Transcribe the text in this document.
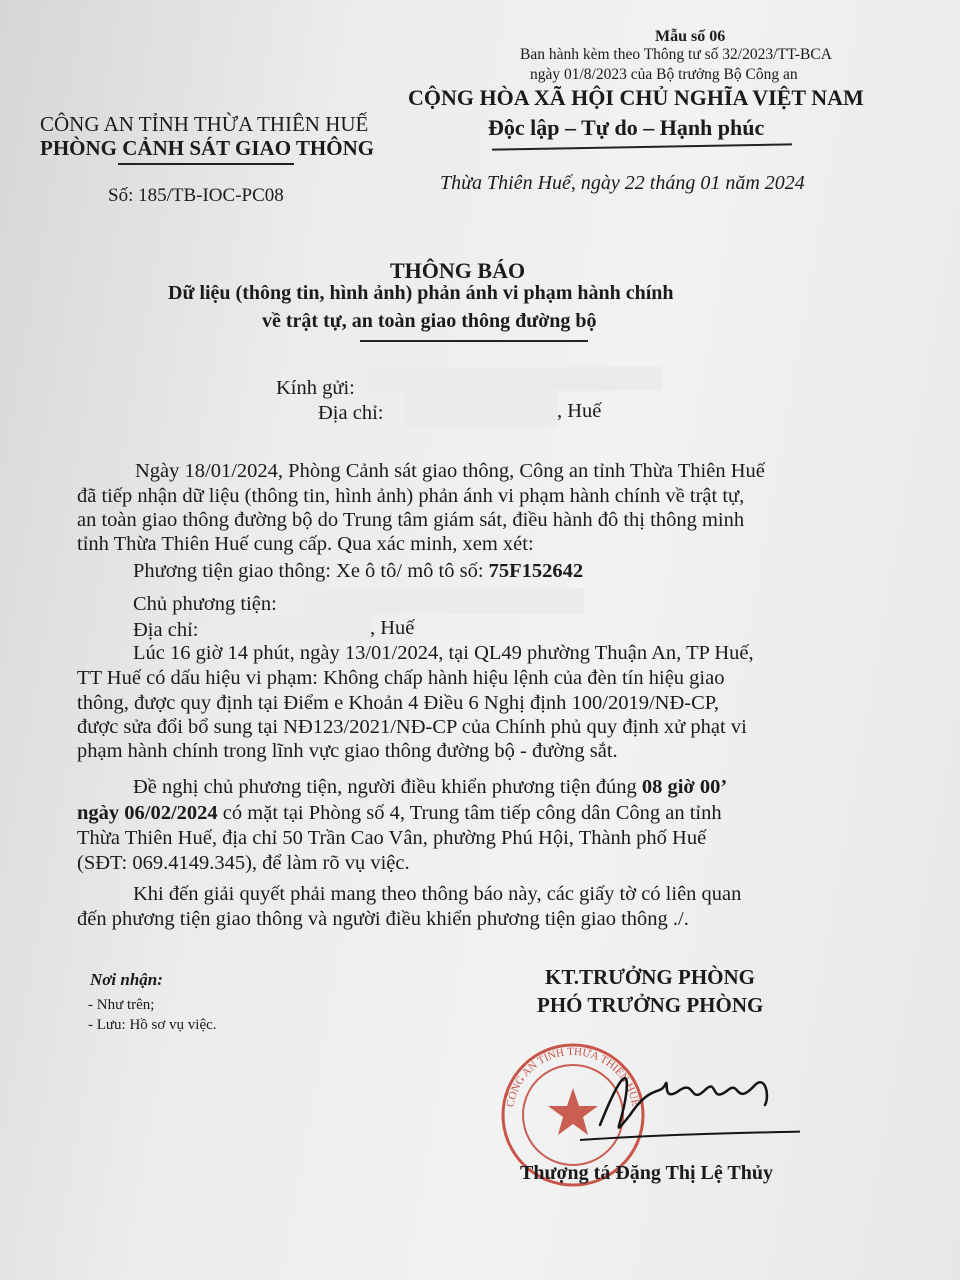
Mẫu số 06
Ban hành kèm theo Thông tư số 32/2023/TT-BCA
ngày 01/8/2023 của Bộ trưởng Bộ Công an
CÔNG AN TỈNH THỪA THIÊN HUẾ
PHÒNG CẢNH SÁT GIAO THÔNG
Số: 185/TB-IOC-PC08
CỘNG HÒA XÃ HỘI CHỦ NGHĨA VIỆT NAM
Độc lập – Tự do – Hạnh phúc
Thừa Thiên Huế, ngày 22 tháng 01 năm 2024
THÔNG BÁO
Dữ liệu (thông tin, hình ảnh) phản ánh vi phạm hành chính
về trật tự, an toàn giao thông đường bộ
Kính gửi:
Địa chỉ:	, Huế
Ngày 18/01/2024, Phòng Cảnh sát giao thông, Công an tỉnh Thừa Thiên Huế
đã tiếp nhận dữ liệu (thông tin, hình ảnh) phản ánh vi phạm hành chính về trật tự,
an toàn giao thông đường bộ do Trung tâm giám sát, điều hành đô thị thông minh
tỉnh Thừa Thiên Huế cung cấp. Qua xác minh, xem xét:
Phương tiện giao thông: Xe ô tô/ mô tô số: 75F152642
Chủ phương tiện:
Địa chỉ:	, Huế
Lúc 16 giờ 14 phút, ngày 13/01/2024, tại QL49 phường Thuận An, TP Huế,
TT Huế có dấu hiệu vi phạm: Không chấp hành hiệu lệnh của đèn tín hiệu giao
thông, được quy định tại Điểm e Khoản 4 Điều 6 Nghị định 100/2019/NĐ-CP,
được sửa đổi bổ sung tại NĐ123/2021/NĐ-CP của Chính phủ quy định xử phạt vi
phạm hành chính trong lĩnh vực giao thông đường bộ - đường sắt.
Đề nghị chủ phương tiện, người điều khiển phương tiện đúng 08 giờ 00’
ngày 06/02/2024 có mặt tại Phòng số 4, Trung tâm tiếp công dân Công an tỉnh
Thừa Thiên Huế, địa chỉ 50 Trần Cao Vân, phường Phú Hội, Thành phố Huế
(SĐT: 069.4149.345), để làm rõ vụ việc.
Khi đến giải quyết phải mang theo thông báo này, các giấy tờ có liên quan
đến phương tiện giao thông và người điều khiển phương tiện giao thông ./.
Nơi nhận:
- Như trên;
- Lưu: Hồ sơ vụ việc.
KT.TRƯỞNG PHÒNG
PHÓ TRƯỞNG PHÒNG
CÔNG AN TỈNH THỪA THIÊN HUẾ
Thượng tá Đặng Thị Lệ Thủy
